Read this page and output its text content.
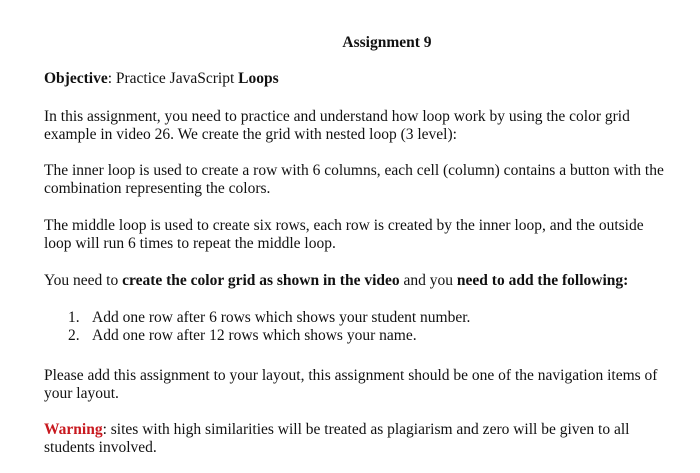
Assignment 9

Objective: Practice JavaScript Loops

In this assignment, you need to practice and understand how loop work by using the color grid example in video 26. We create the grid with nested loop (3 level):

The inner loop is used to create a row with 6 columns, each cell (column) contains a button with the combination representing the colors.

The middle loop is used to create six rows, each row is created by the inner loop, and the outside loop will run 6 times to repeat the middle loop.

You need to create the color grid as shown in the video and you need to add the following:

1. Add one row after 6 rows which shows your student number.
2. Add one row after 12 rows which shows your name.

Please add this assignment to your layout, this assignment should be one of the navigation items of your layout.

Warning: sites with high similarities will be treated as plagiarism and zero will be given to all students involved.
